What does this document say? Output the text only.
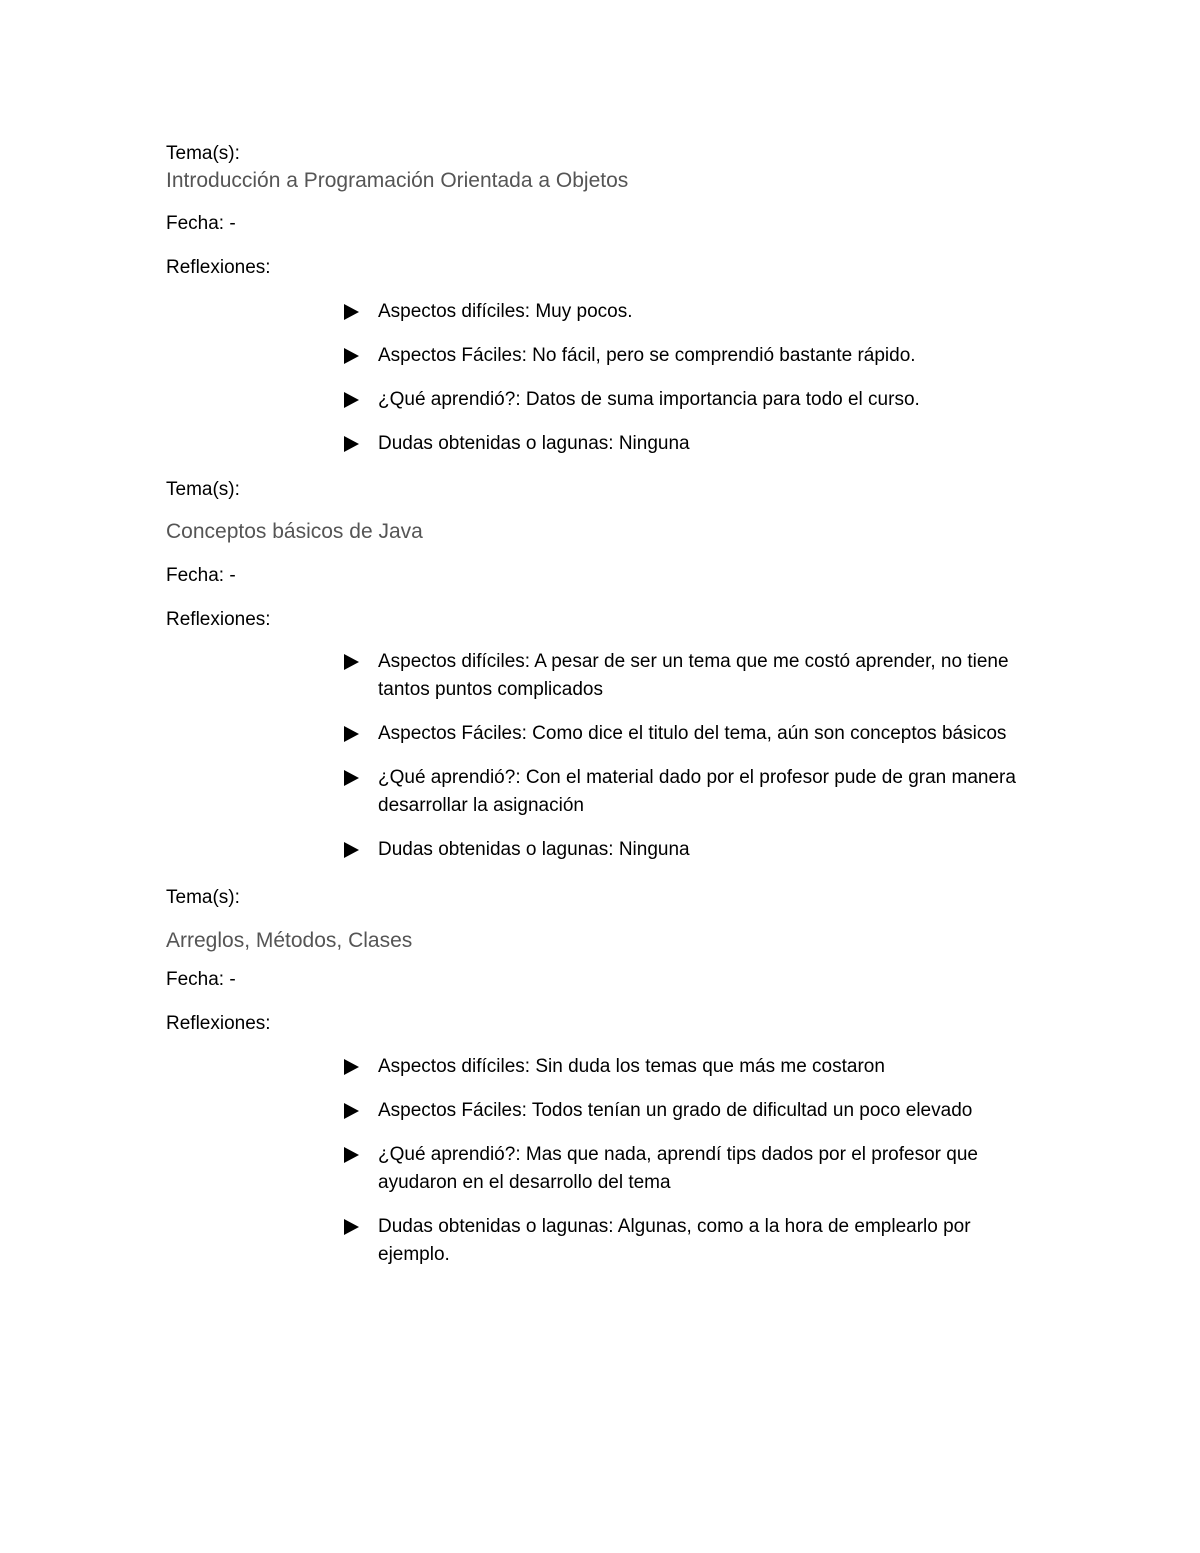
Tema(s):
Introducción a Programación Orientada a Objetos
Fecha: -
Reflexiones:
Aspectos difíciles: Muy pocos.
Aspectos Fáciles: No fácil, pero se comprendió bastante rápido.
¿Qué aprendió?: Datos de suma importancia para todo el curso.
Dudas obtenidas o lagunas: Ninguna
Tema(s):
Conceptos básicos de Java
Fecha: -
Reflexiones:
Aspectos difíciles: A pesar de ser un tema que me costó aprender, no tiene tantos puntos complicados
Aspectos Fáciles: Como dice el titulo del tema, aún son conceptos básicos
¿Qué aprendió?: Con el material dado por el profesor pude de gran manera desarrollar la asignación
Dudas obtenidas o lagunas: Ninguna
Tema(s):
Arreglos, Métodos, Clases
Fecha: -
Reflexiones:
Aspectos difíciles: Sin duda los temas que más me costaron
Aspectos Fáciles: Todos tenían un grado de dificultad un poco elevado
¿Qué aprendió?: Mas que nada, aprendí tips dados por el profesor que ayudaron en el desarrollo del tema
Dudas obtenidas o lagunas: Algunas, como a la hora de emplearlo por ejemplo.
